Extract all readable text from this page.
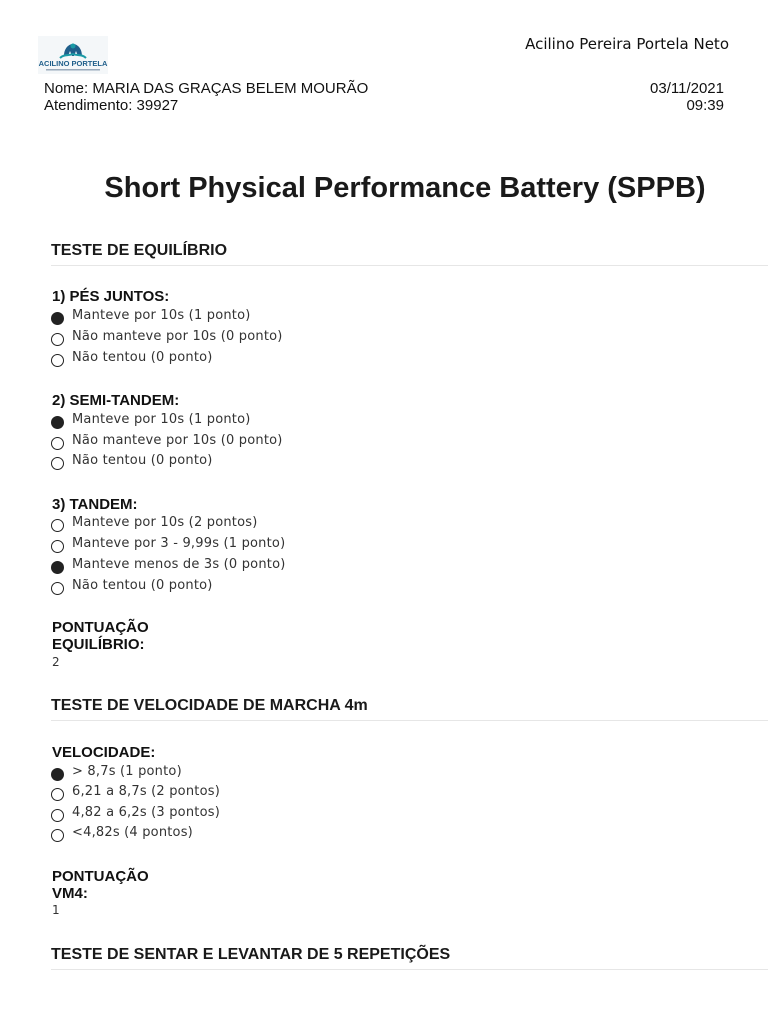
ACILINO PORTELA
Acilino Pereira Portela Neto
Nome: MARIA DAS GRAÇAS BELEM MOURÃO
Atendimento: 39927
03/11/2021
09:39
Short Physical Performance Battery (SPPB)
TESTE DE EQUILÍBRIO
1) PÉS JUNTOS:
Manteve por 10s (1 ponto)
Não manteve por 10s (0 ponto)
Não tentou (0 ponto)
2) SEMI-TANDEM:
Manteve por 10s (1 ponto)
Não manteve por 10s (0 ponto)
Não tentou (0 ponto)
3) TANDEM:
Manteve por 10s (2 pontos)
Manteve por 3 - 9,99s (1 ponto)
Manteve menos de 3s (0 ponto)
Não tentou (0 ponto)
PONTUAÇÃO
EQUILÍBRIO:
2
TESTE DE VELOCIDADE DE MARCHA 4m
VELOCIDADE:
> 8,7s (1 ponto)
6,21 a 8,7s (2 pontos)
4,82 a 6,2s (3 pontos)
<4,82s (4 pontos)
PONTUAÇÃO
VM4:
1
TESTE DE SENTAR E LEVANTAR DE 5 REPETIÇÕES
